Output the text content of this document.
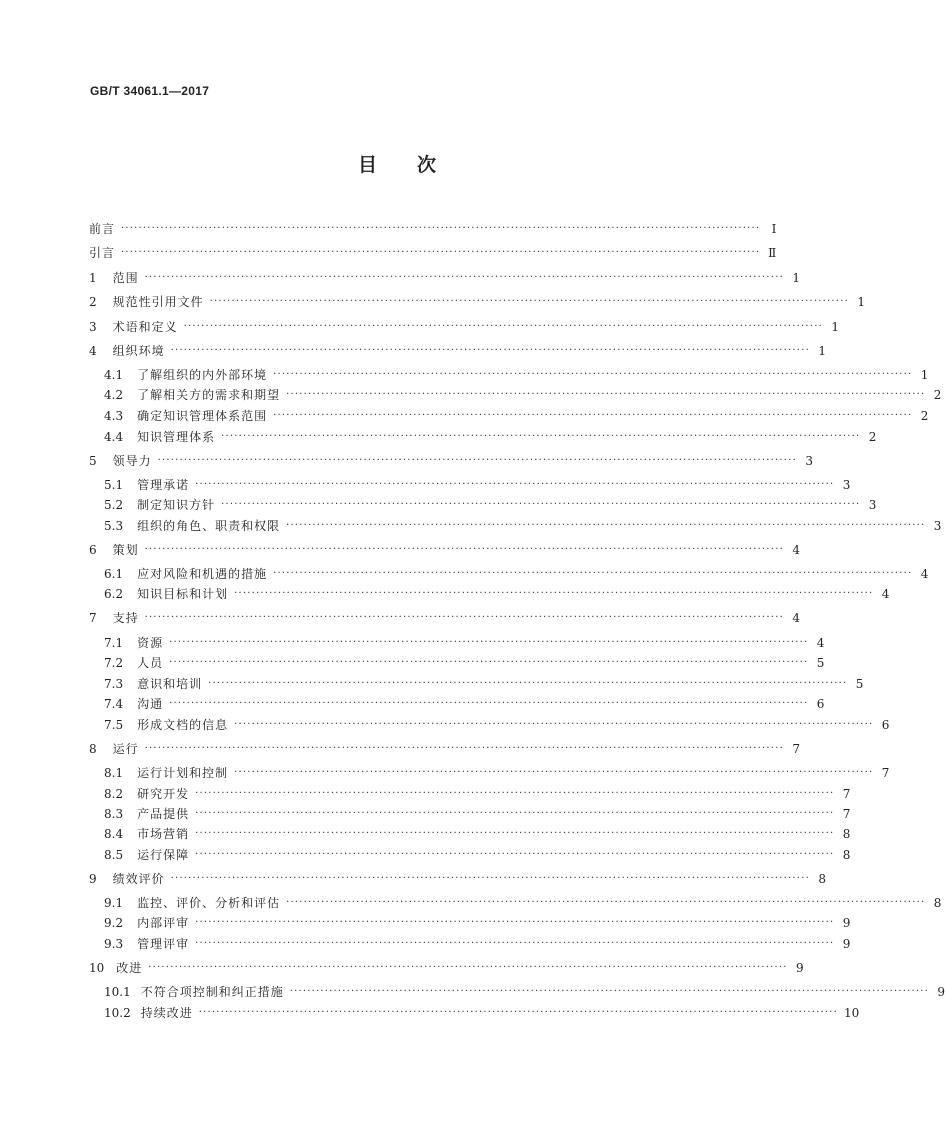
GB/T 34061.1—2017
目 次
前言 ·················································································································································· Ⅰ
引言 ·················································································································································· Ⅱ
1 范围 ·················································································································································· 1
2 规范性引用文件 ·················································································································································· 1
3 术语和定义 ·················································································································································· 1
4 组织环境 ·················································································································································· 1
4.1 了解组织的内外部环境 ·················································································································································· 1
4.2 了解相关方的需求和期望 ·················································································································································· 2
4.3 确定知识管理体系范围 ·················································································································································· 2
4.4 知识管理体系 ·················································································································································· 2
5 领导力 ·················································································································································· 3
5.1 管理承诺 ·················································································································································· 3
5.2 制定知识方针 ·················································································································································· 3
5.3 组织的角色、职责和权限 ·················································································································································· 3
6 策划 ·················································································································································· 4
6.1 应对风险和机遇的措施 ·················································································································································· 4
6.2 知识目标和计划 ·················································································································································· 4
7 支持 ·················································································································································· 4
7.1 资源 ·················································································································································· 4
7.2 人员 ·················································································································································· 5
7.3 意识和培训 ·················································································································································· 5
7.4 沟通 ·················································································································································· 6
7.5 形成文档的信息 ·················································································································································· 6
8 运行 ·················································································································································· 7
8.1 运行计划和控制 ·················································································································································· 7
8.2 研究开发 ·················································································································································· 7
8.3 产品提供 ·················································································································································· 7
8.4 市场营销 ·················································································································································· 8
8.5 运行保障 ·················································································································································· 8
9 绩效评价 ·················································································································································· 8
9.1 监控、评价、分析和评估 ·················································································································································· 8
9.2 内部评审 ·················································································································································· 9
9.3 管理评审 ·················································································································································· 9
10 改进 ·················································································································································· 9
10.1 不符合项控制和纠正措施 ·················································································································································· 9
10.2 持续改进 ·················································································································································· 10
